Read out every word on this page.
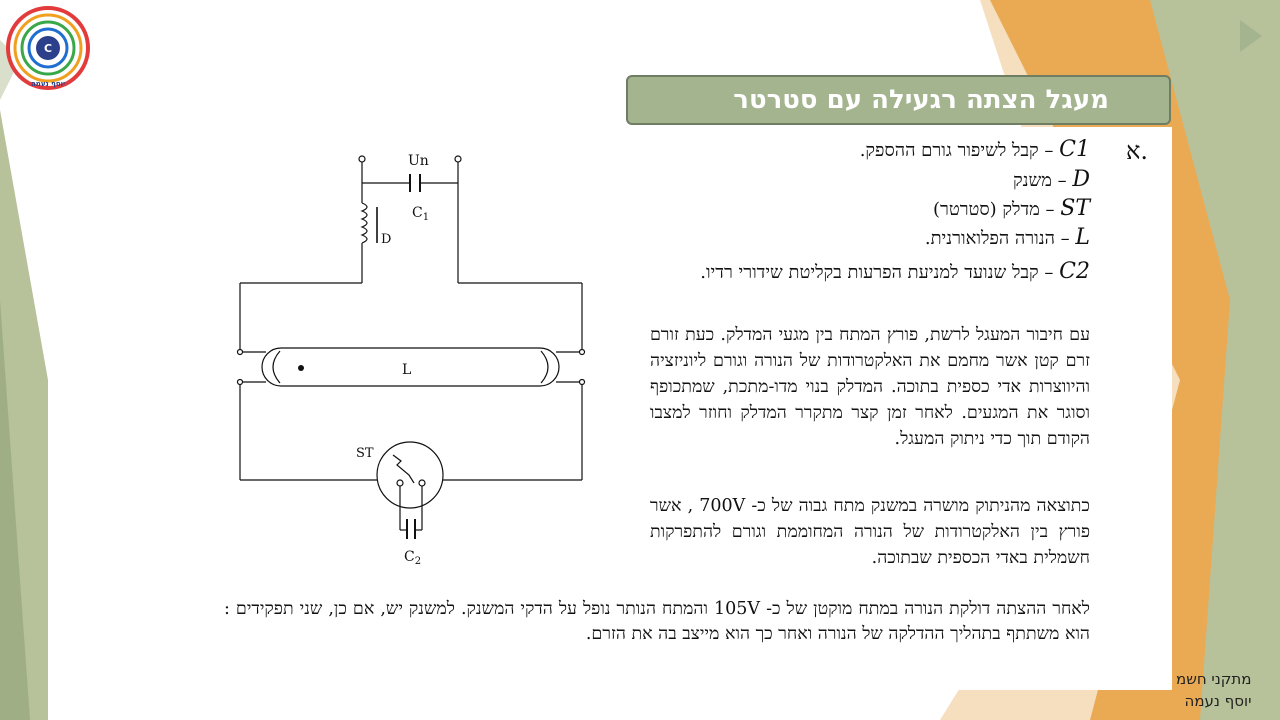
C
יוסף נעמה
מעגל הצתה רגעילה עם סטרטר
Un
$C_1$
D
L
ST
$C_2$
א.
C1 – קבל לשיפור גורם ההספק.
D – משנק
ST – מדלק (סטרטר)
L – הנורה הפלואורנית.
C2 – קבל שנועד למניעת הפרעות בקליטת שידורי רדיו.
עם חיבור המעגל לרשת, פורץ המתח בין מגעי המדלק. כעת זורם זרם קטן אשר מחמם את האלקטרודות של הנורה וגורם ליוניזציה והיווצרות אדי כספית בתוכה. המדלק בנוי מדו-מתכת, שמתכופף וסוגר את המגעים. לאחר זמן קצר מתקרר המדלק וחוזר למצבו הקודם תוך כדי ניתוק המעגל.
כתוצאה מהניתוק מושרה במשנק מתח גבוה של כ- 700V , אשר פורץ בין האלקטרודות של הנורה המחוממת וגורם להתפרקות חשמלית באדי הכספית שבתוכה.
לאחר ההצתה דולקת הנורה במתח מוקטן של כ- 105V והמתח הנותר נופל על הדקי המשנק. למשנק יש, אם כן, שני תפקידים : הוא משתתף בתהליך ההדלקה של הנורה ואחר כך הוא מייצב בה את הזרם.
מתקני חשמ
יוסף נעמה
